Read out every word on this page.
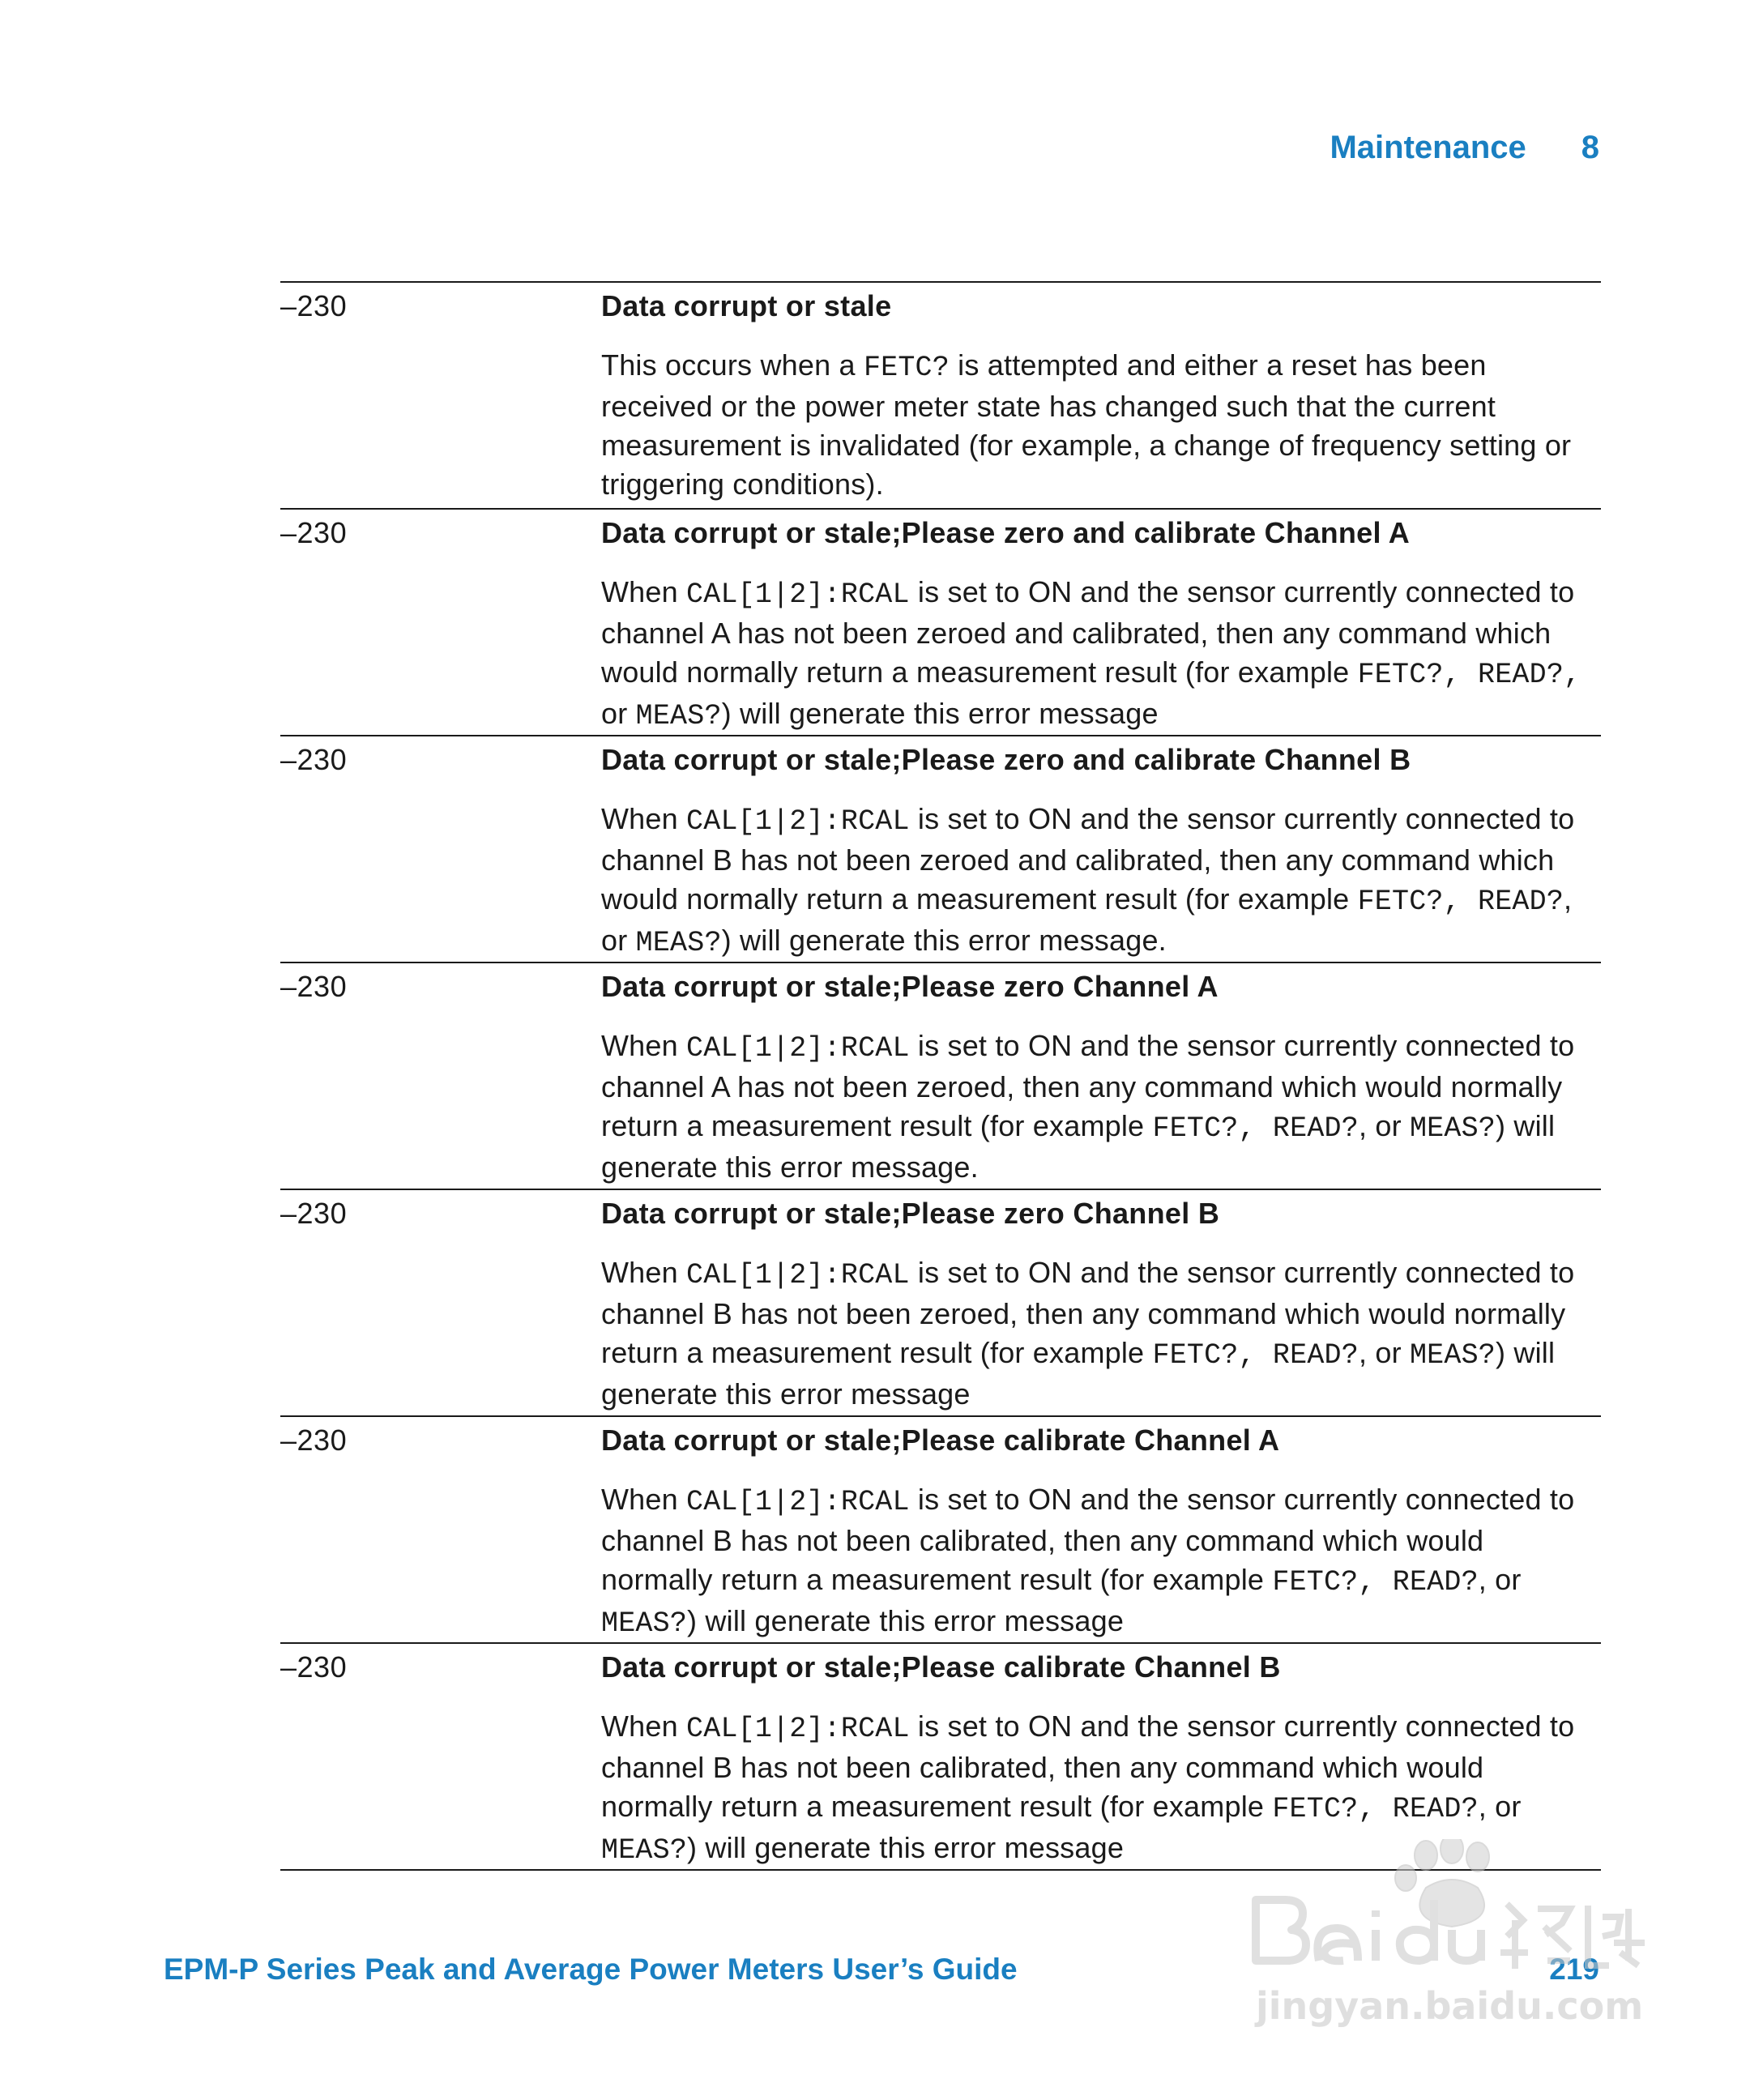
Maintenance 8
–230	Data corrupt or stale
This occurs when a FETC? is attempted and either a reset has been received or the power meter state has changed such that the current measurement is invalidated (for example, a change of frequency setting or triggering conditions).
–230	Data corrupt or stale;Please zero and calibrate Channel A
When CAL[1|2]:RCAL is set to ON and the sensor currently connected to channel A has not been zeroed and calibrated, then any command which would normally return a measurement result (for example FETC?, READ?, or MEAS?) will generate this error message
–230	Data corrupt or stale;Please zero and calibrate Channel B
When CAL[1|2]:RCAL is set to ON and the sensor currently connected to channel B has not been zeroed and calibrated, then any command which would normally return a measurement result (for example FETC?, READ?, or MEAS?) will generate this error message.
–230	Data corrupt or stale;Please zero Channel A
When CAL[1|2]:RCAL is set to ON and the sensor currently connected to channel A has not been zeroed, then any command which would normally return a measurement result (for example FETC?, READ?, or MEAS?) will generate this error message.
–230	Data corrupt or stale;Please zero Channel B
When CAL[1|2]:RCAL is set to ON and the sensor currently connected to channel B has not been zeroed, then any command which would normally return a measurement result (for example FETC?, READ?, or MEAS?) will generate this error message
–230	Data corrupt or stale;Please calibrate Channel A
When CAL[1|2]:RCAL is set to ON and the sensor currently connected to channel B has not been calibrated, then any command which would normally return a measurement result (for example FETC?, READ?, or MEAS?) will generate this error message
–230	Data corrupt or stale;Please calibrate Channel B
When CAL[1|2]:RCAL is set to ON and the sensor currently connected to channel B has not been calibrated, then any command which would normally return a measurement result (for example FETC?, READ?, or MEAS?) will generate this error message
EPM-P Series Peak and Average Power Meters User’s Guide	219
jingyan.baidu.com
